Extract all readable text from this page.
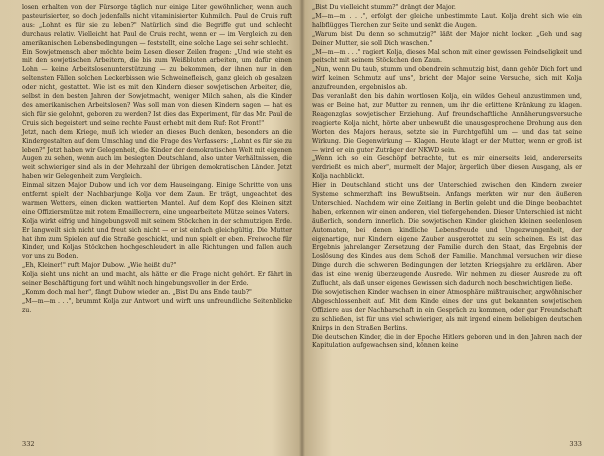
losen erhalten von der Fürsorge täglich nur einige Liter gewöhnlicher, wenn auch pasteurisierter, so doch jedenfalls nicht vitaminisierter Kuhmilch. Paul de Cruis ruft aus: „Lohnt es für sie zu leben?" Natürlich sind die Begriffe gut und schlecht durchaus relativ. Vielleicht hat Paul de Cruis recht, wenn er — im Vergleich zu den amerikanischen Lebensbedingungen — feststellt, eine solche Lage sei sehr schlecht.

Ein Sowjetmensch aber möchte beim Lesen dieser Zeilen fragen: „Und wie steht es mit den sowjetischen Arbeitern, die bis zum Weißbluten arbeiten, um dafür einen Lohn — keine Arbeitslosenunterstützung — zu bekommen, der ihnen nur in den seltensten Fällen solchen Leckerbissen wie Schweinefleisch, ganz gleich ob gesalzen oder nicht, gestattet. Wie ist es mit den Kindern dieser sowjetischen Arbeiter, die, selbst in den besten Jahren der Sowjetmacht, weniger Milch sahen, als die Kinder des amerikanischen Arbeitslosen? Was soll man von diesen Kindern sagen — hat es sich für sie gelohnt, geboren zu werden? Ist dies das Experiment, für das Mr. Paul de Cruis sich begeistert und seine rechte Faust erhebt mit dem Ruf: Rot Front!"

Jetzt, nach dem Kriege, muß ich wieder an dieses Buch denken, besonders an die Kindergestalten auf dem Umschlag und die Frage des Verfassers: „Lohnt es für sie zu leben?" Jetzt haben wir Gelegenheit, die Kinder der demokratischen Welt mit eigenen Augen zu sehen, wenn auch im besiegten Deutschland, also unter Verhältnissen, die weit schwieriger sind als in der Mehrzahl der übrigen demokratischen Länder. Jetzt haben wir Gelegenheit zum Vergleich.

Einmal sitzen Major Dubow und ich vor dem Hauseingang. Einige Schritte von uns entfernt spielt der Nachbarjunge Kolja vor dem Zaun. Er trägt, ungeachtet des warmen Wetters, einen dicken wattierten Mantel. Auf dem Kopf des Kleinen sitzt eine Offiziersmütze mit rotem Emailleстern, eine ungearbeitete Mütze seines Vaters.

Kolja wirkt eifrig und hingebungsvoll mit seinem Stöckchen in der schmutzigen Erde. Er langweilt sich nicht und freut sich nicht — er ist einfach gleichgültig. Die Mutter hat ihm zum Spielen auf die Straße geschickt, und nun spielt er eben. Freiwoche für Kinder, und Koljas Stöckchen hochgeschleudert in alle Richtungen und fallen auch vor uns zu Boden.

„Eh, Kleiner!" ruft Major Dubow. „Wie heißt du?"

Kolja sieht uns nicht an und macht, als hätte er die Frage nicht gehört. Er fährt in seiner Beschäftigung fort und wühlt noch hingebungsvoller in der Erde.

„Komm doch mal her", fängt Dubow wieder an. „Bist Du ans Ende taub?"

„M—m—m . . .", brummt Kolja zur Antwort und wirft uns unfreundliche Seitenblicke zu.

332

„Bist Du vielleicht stumm?" drängt der Major.

„M—m—m . . .", erfolgt der gleiche unbestimmte Laut. Kolja dreht sich wie ein halbflügges Tierchen zur Seite und senkt die Augen.

„Warum bist Du denn so schmutzig?" läßt der Major nicht locker. „Geh und sag Deiner Mutter, sie soll Dich waschen."

„M—m—m . . ." ragiert Kolja, dieses Mal schon mit einer gewissen Feindseligkeit und peitscht mit seinem Stöckchen den Zaun.

„Nun, wenn Du taub, stumm und obendrein schmutzig bist, dann gehör Dich fort und wirf keinen Schmutz auf uns", bricht der Major seine Versuche, sich mit Kolja anzufreunden, ergebnislos ab.

Das veranlaßt den bis dahin wortlosen Kolja, ein wildes Geheul anzustimmen und, was er Beine hat, zur Mutter zu rennen, um ihr die erlittene Kränkung zu klagen. Reagenzglas sowjetischer Erziehung. Auf freundschaftliche Annäherungsversuche reagierte Kolja nicht, hörte aber unbewußt die unausgesprochene Drohung aus den Worten des Majors heraus, setzte sie in Furchtgefühl um — und das tat seine Wirkung. Die Gegenwirkung — Klagen. Heute klagt er der Mutter, wenn er groß ist — wird er ein guter Zuträger der NKWD sein.

„Wenn ich so ein Geschöpf betrachte, tut es mir einerseits leid, andererseits verdrießt es mich aber", murmelt der Major, ärgerlich über diesen Ausgang, als er Kolja nachblickt.

Hier in Deutschland sticht uns der Unterschied zwischen den Kindern zweier Systeme schmerzhaft ins Bewußtsein. Anfangs merkten wir nur den äußeren Unterschied. Nachdem wir eine Zeitlang in Berlin gelebt und die Dinge beobachtet haben, erkennen wir einen anderen, viel tiefergehenden. Dieser Unterschied ist nicht äußerlich, sondern innerlich. Die sowjetischen Kinder gleichen kleinen seelenlosen Automaten, bei denen kindliche Lebensfreude und Ungezwungenheit, der eigenartige, nur Kindern eigene Zauber ausgerottet zu sein scheinen. Es ist das Ergebnis jahrelanger Zersetzung der Familie durch den Staat, das Ergebnis der Loslösung des Kindes aus dem Schoß der Familie. Manchmal versuchen wir diese Dinge durch die schweren Bedingungen der letzten Kriegsjahre zu erklären. Aber das ist eine wenig überzeugende Ausrede. Wir nehmen zu dieser Ausrede zu oft Zuflucht, als daß unser eigenes Gewissen sich dadurch noch beschwichtigen ließe.

Die sowjetischen Kinder wachsen in einer Atmosphäre mißtrauischer, argwöhnischer Abgeschlossenheit auf. Mit dem Kinde eines der uns gut bekannten sowjetischen Offiziere aus der Nachbarschaft in ein Gespräch zu kommen, oder gar Freundschaft zu schließen, ist für uns viel schwieriger, als mit irgend einem beliebigen deutschen Knirps in den Straßen Berlins.

Die deutschen Kinder, die in der Epoche Hitlers geboren und in den Jahren nach der Kapitulation aufgewachsen sind, können keine

333
